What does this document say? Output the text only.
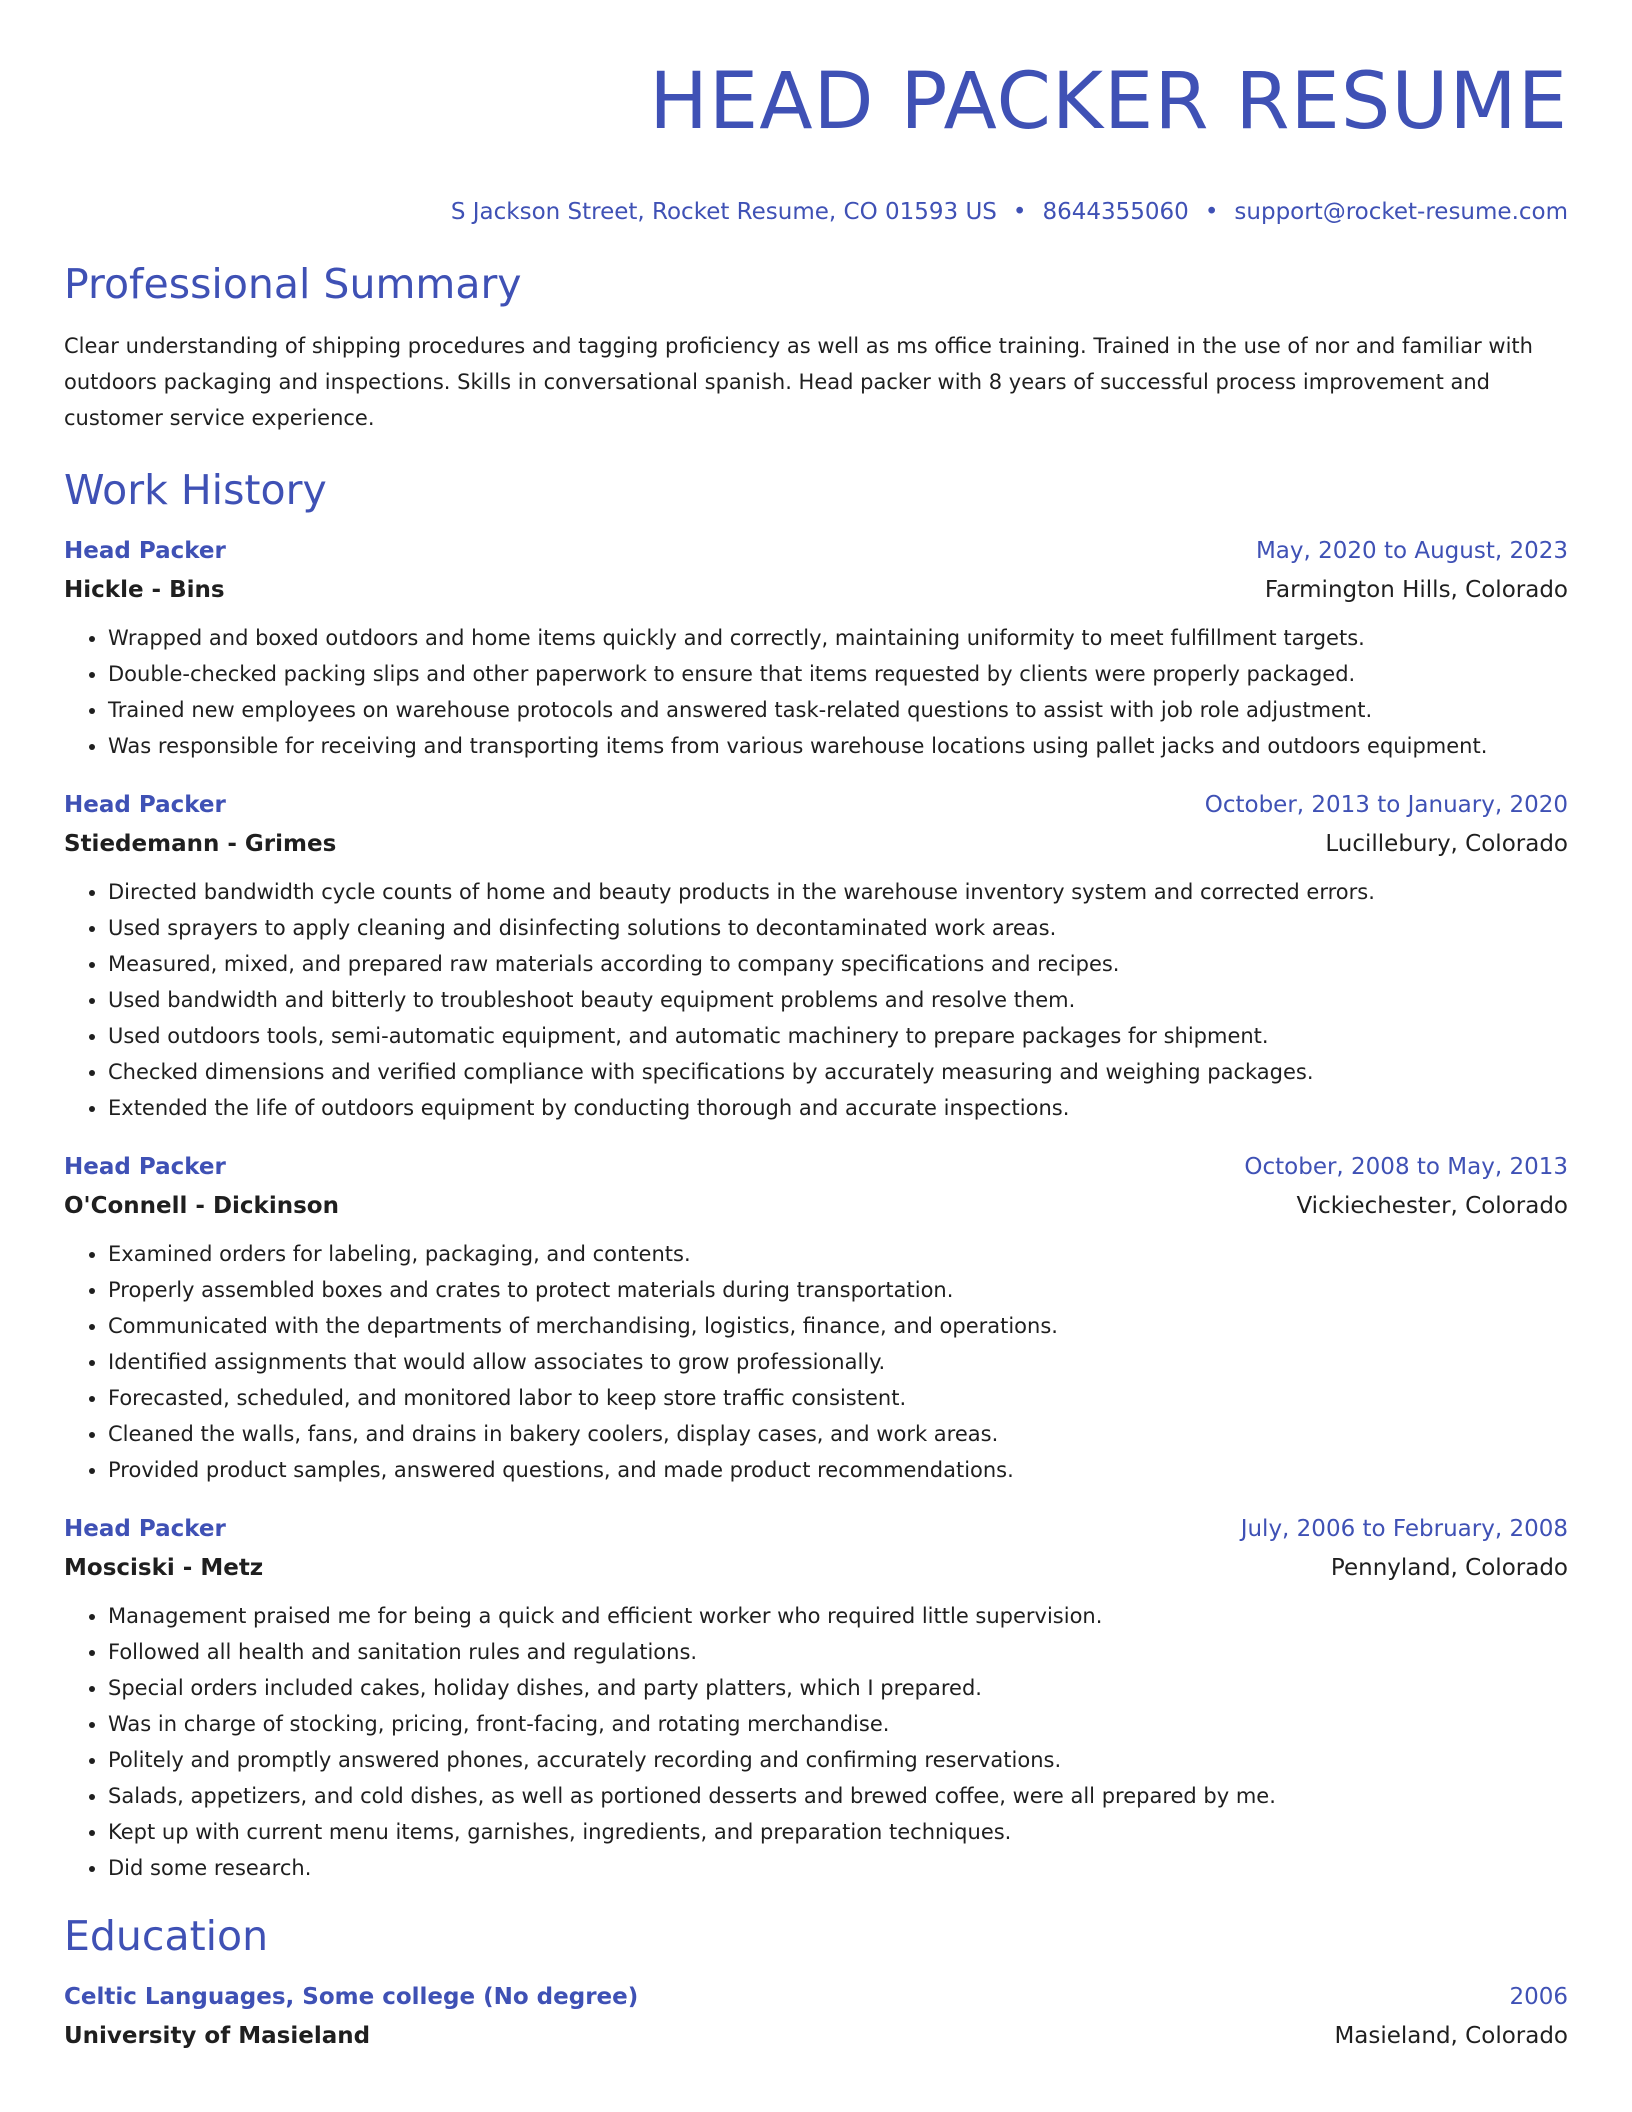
HEAD PACKER RESUME
S Jackson Street, Rocket Resume, CO 01593 US • 8644355060 • support@rocket-resume.com
Professional Summary

Clear understanding of shipping procedures and tagging proficiency as well as ms office training. Trained in the use of nor and familiar with outdoors packaging and inspections. Skills in conversational spanish. Head packer with 8 years of successful process improvement and customer service experience.

Work History
Head Packer	May, 2020 to August, 2023
Hickle - Bins	Farmington Hills, Colorado
• Wrapped and boxed outdoors and home items quickly and correctly, maintaining uniformity to meet fulfillment targets.
• Double-checked packing slips and other paperwork to ensure that items requested by clients were properly packaged.
• Trained new employees on warehouse protocols and answered task-related questions to assist with job role adjustment.
• Was responsible for receiving and transporting items from various warehouse locations using pallet jacks and outdoors equipment.
Head Packer	October, 2013 to January, 2020
Stiedemann - Grimes	Lucillebury, Colorado
• Directed bandwidth cycle counts of home and beauty products in the warehouse inventory system and corrected errors.
• Used sprayers to apply cleaning and disinfecting solutions to decontaminated work areas.
• Measured, mixed, and prepared raw materials according to company specifications and recipes.
• Used bandwidth and bitterly to troubleshoot beauty equipment problems and resolve them.
• Used outdoors tools, semi-automatic equipment, and automatic machinery to prepare packages for shipment.
• Checked dimensions and verified compliance with specifications by accurately measuring and weighing packages.
• Extended the life of outdoors equipment by conducting thorough and accurate inspections.
Head Packer	October, 2008 to May, 2013
O'Connell - Dickinson	Vickiechester, Colorado
• Examined orders for labeling, packaging, and contents.
• Properly assembled boxes and crates to protect materials during transportation.
• Communicated with the departments of merchandising, logistics, finance, and operations.
• Identified assignments that would allow associates to grow professionally.
• Forecasted, scheduled, and monitored labor to keep store traffic consistent.
• Cleaned the walls, fans, and drains in bakery coolers, display cases, and work areas.
• Provided product samples, answered questions, and made product recommendations.
Head Packer	July, 2006 to February, 2008
Mosciski - Metz	Pennyland, Colorado
• Management praised me for being a quick and efficient worker who required little supervision.
• Followed all health and sanitation rules and regulations.
• Special orders included cakes, holiday dishes, and party platters, which I prepared.
• Was in charge of stocking, pricing, front-facing, and rotating merchandise.
• Politely and promptly answered phones, accurately recording and confirming reservations.
• Salads, appetizers, and cold dishes, as well as portioned desserts and brewed coffee, were all prepared by me.
• Kept up with current menu items, garnishes, ingredients, and preparation techniques.
• Did some research.
Education
Celtic Languages, Some college (No degree)	2006
University of Masieland	Masieland, Colorado
